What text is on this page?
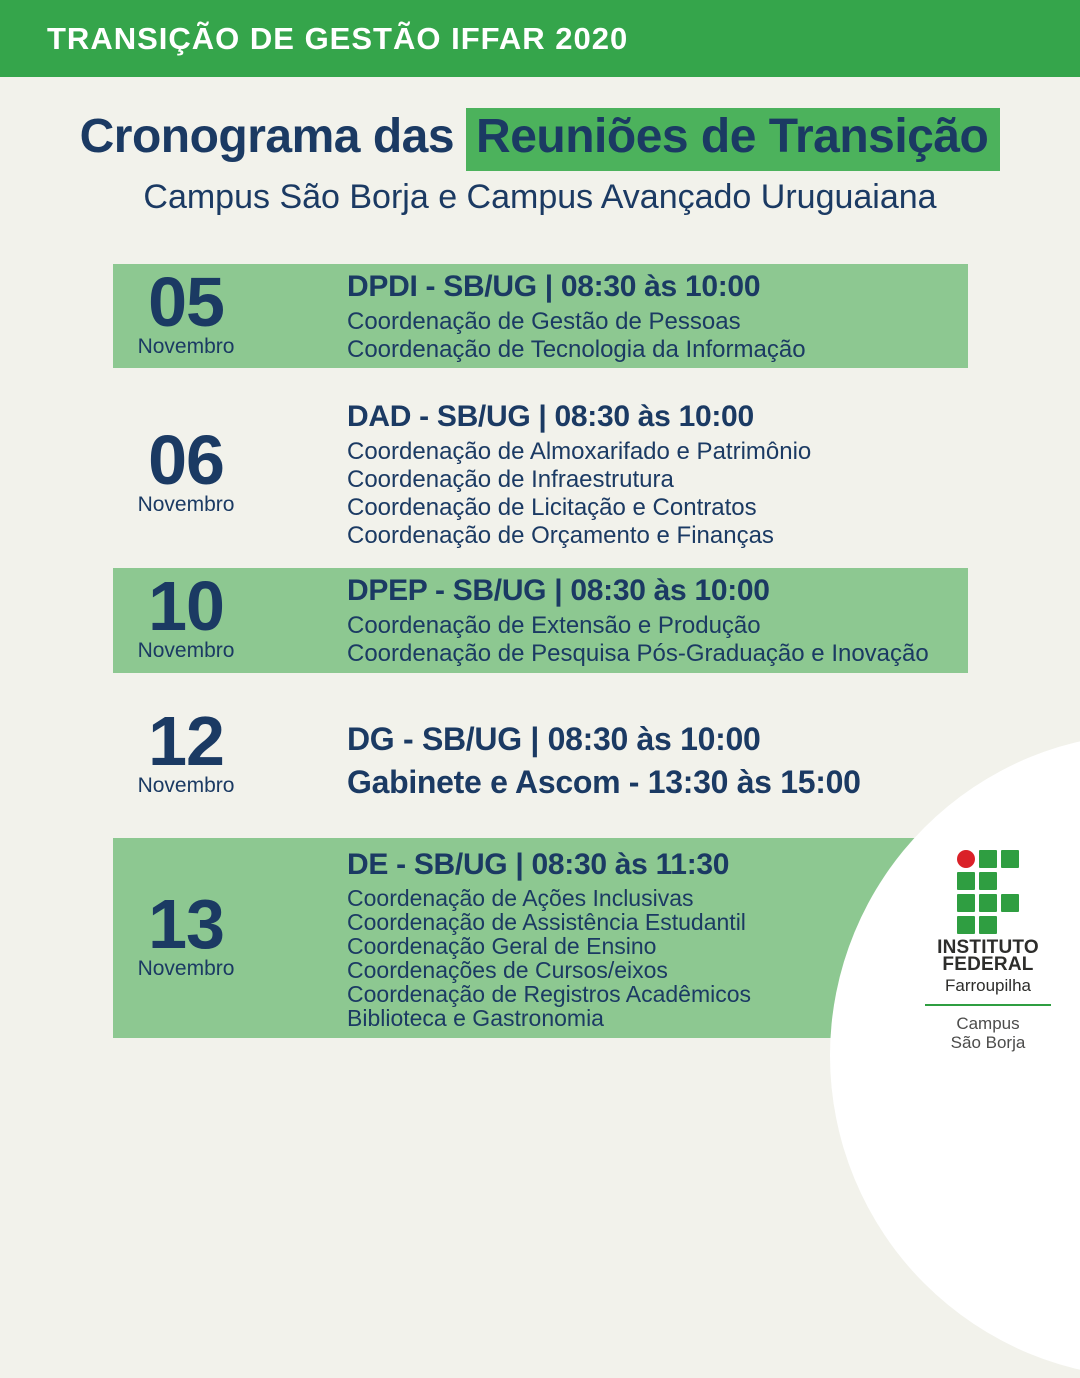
TRANSIÇÃO DE GESTÃO IFFAR 2020
Cronograma das Reuniões de Transição
Campus São Borja e Campus Avançado Uruguaiana
05
Novembro
DPDI - SB/UG | 08:30 às 10:00
Coordenação de Gestão de Pessoas
Coordenação de Tecnologia da Informação
06
Novembro
DAD - SB/UG | 08:30 às 10:00
Coordenação de Almoxarifado e Patrimônio
Coordenação de Infraestrutura
Coordenação de Licitação e Contratos
Coordenação de Orçamento e Finanças
10
Novembro
DPEP - SB/UG | 08:30 às 10:00
Coordenação de Extensão e Produção
Coordenação de Pesquisa Pós-Graduação e Inovação
12
Novembro
DG - SB/UG | 08:30 às 10:00
Gabinete e Ascom - 13:30 às 15:00
13
Novembro
DE - SB/UG | 08:30 às 11:30
Coordenação de Ações Inclusivas
Coordenação de Assistência Estudantil
Coordenação Geral de Ensino
Coordenações de Cursos/eixos
Coordenação de Registros Acadêmicos
Biblioteca e Gastronomia
INSTITUTO
FEDERAL
Farroupilha
Campus
São Borja
